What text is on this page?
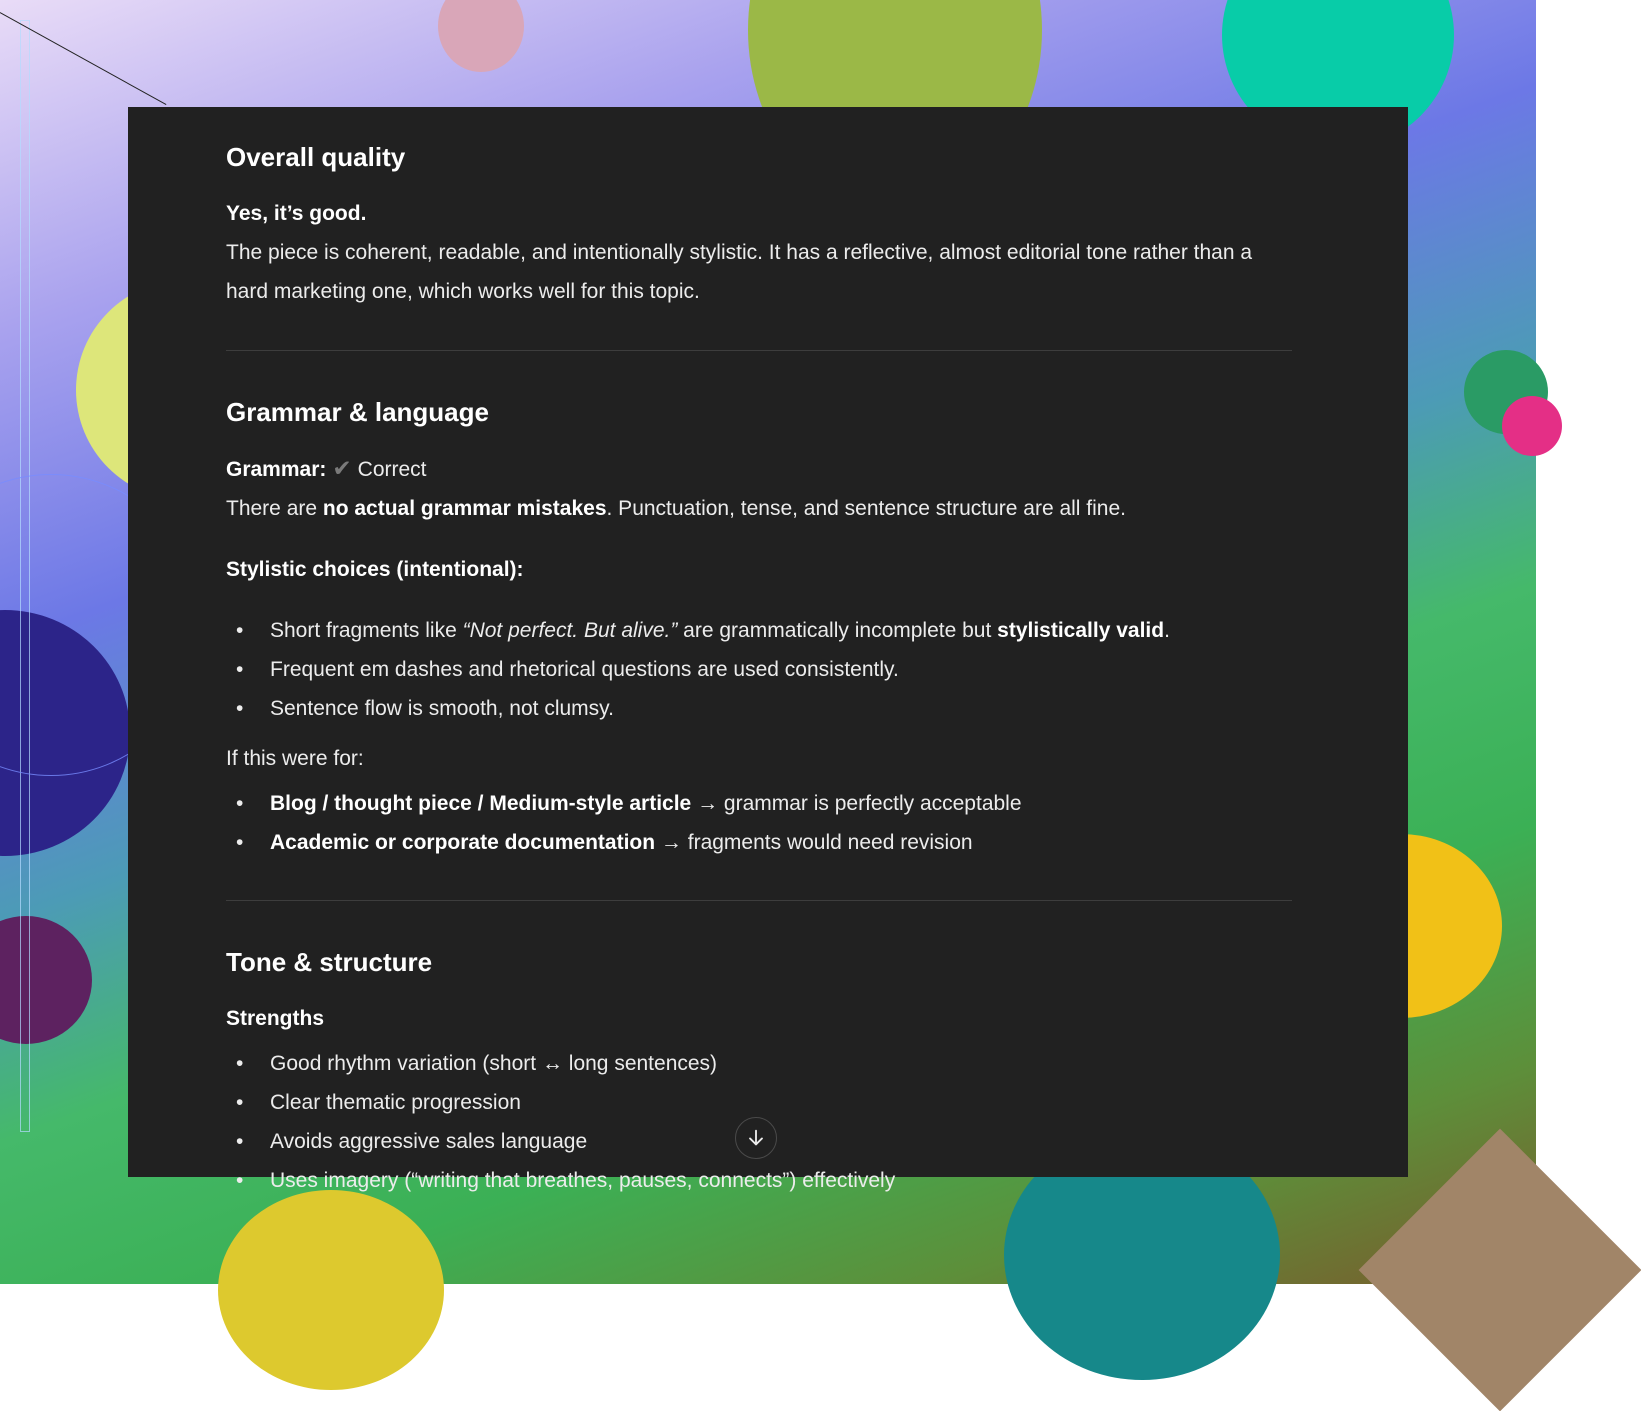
Overall quality

Yes, it’s good.

The piece is coherent, readable, and intentionally stylistic. It has a reflective, almost editorial tone rather than a hard marketing one, which works well for this topic.

Grammar & language

Grammar: ✔ Correct

There are no actual grammar mistakes. Punctuation, tense, and sentence structure are all fine.

Stylistic choices (intentional):

• Short fragments like “Not perfect. But alive.” are grammatically incomplete but stylistically valid.
• Frequent em dashes and rhetorical questions are used consistently.
• Sentence flow is smooth, not clumsy.

If this were for:

• Blog / thought piece / Medium-style article → grammar is perfectly acceptable
• Academic or corporate documentation → fragments would need revision
Tone & structure

Strengths

• Good rhythm variation (short ↔ long sentences)
• Clear thematic progression
• Avoids aggressive sales language
• Uses imagery (“writing that breathes, pauses, connects”) effectively
